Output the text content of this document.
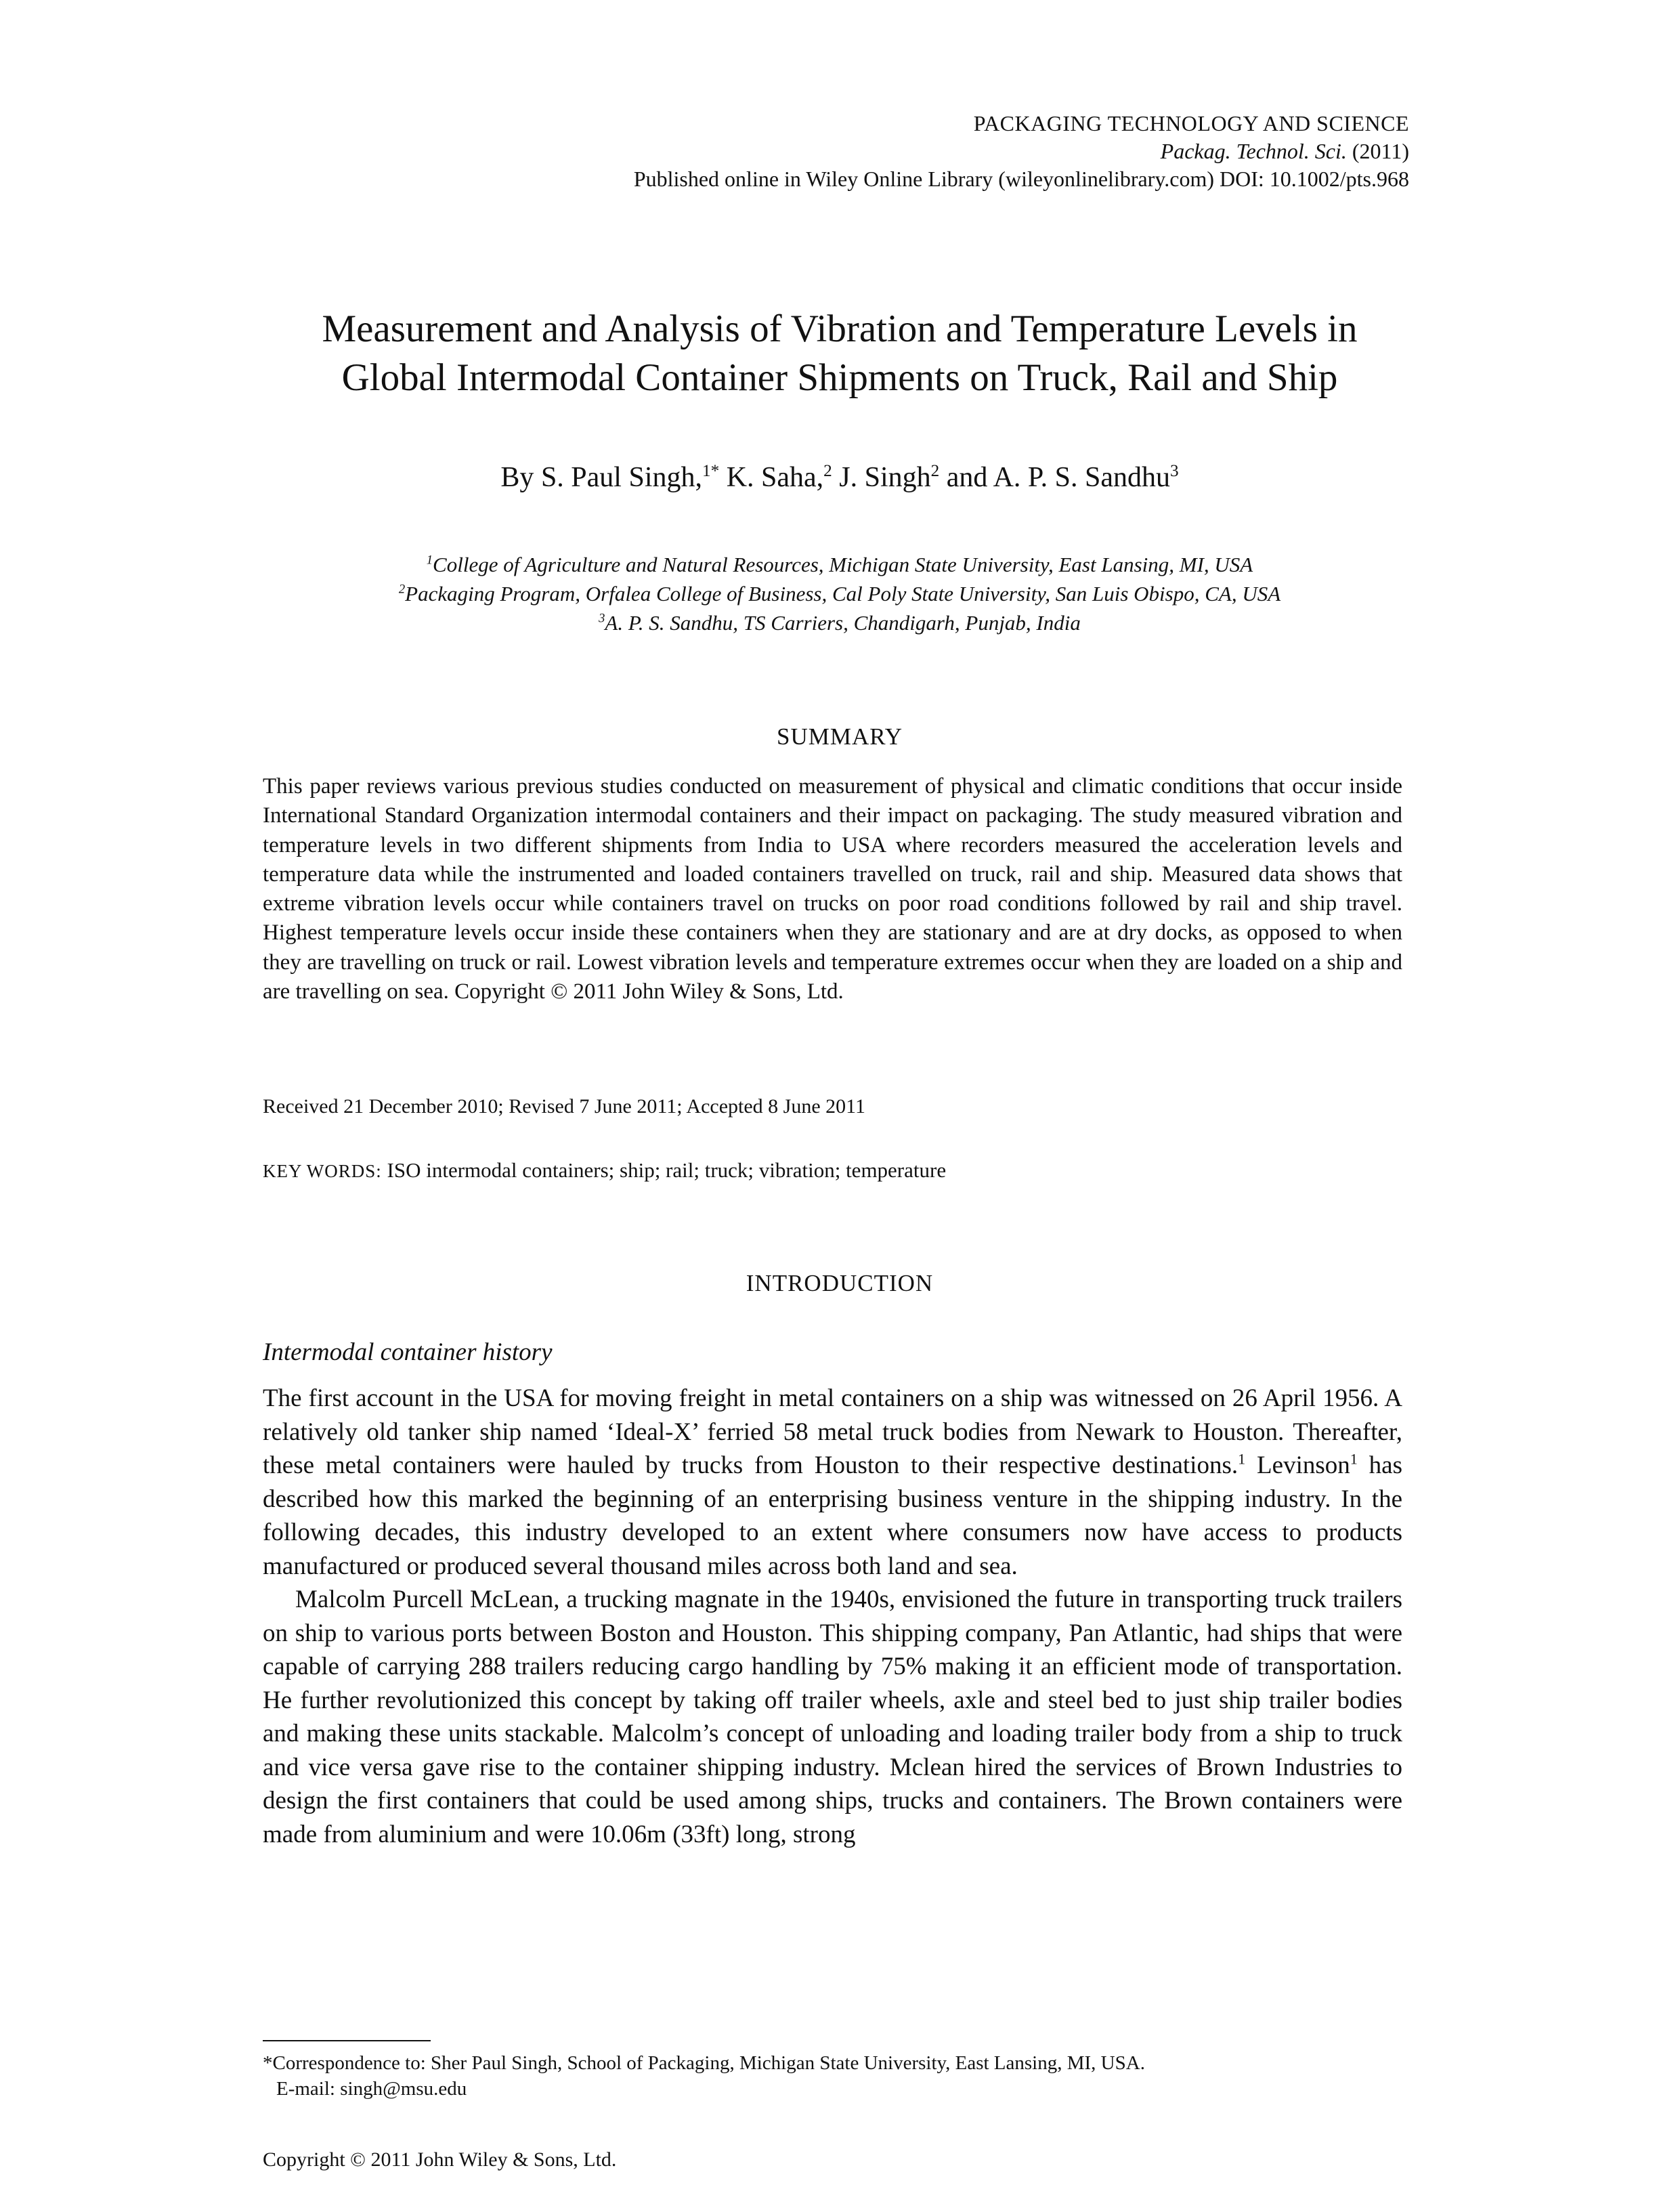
PACKAGING TECHNOLOGY AND SCIENCE
Packag. Technol. Sci. (2011)
Published online in Wiley Online Library (wileyonlinelibrary.com) DOI: 10.1002/pts.968
Measurement and Analysis of Vibration and Temperature Levels in
Global Intermodal Container Shipments on Truck, Rail and Ship
By S. Paul Singh,$^{1*}$ K. Saha,$^2$ J. Singh$^2$ and A. P. S. Sandhu$^3$
$^1$College of Agriculture and Natural Resources, Michigan State University, East Lansing, MI, USA
$^2$Packaging Program, Orfalea College of Business, Cal Poly State University, San Luis Obispo, CA, USA
$^3$A. P. S. Sandhu, TS Carriers, Chandigarh, Punjab, India
SUMMARY
This paper reviews various previous studies conducted on measurement of physical and climatic conditions that occur inside International Standard Organization intermodal containers and their impact on packaging. The study measured vibration and temperature levels in two different shipments from India to USA where recorders measured the acceleration levels and temperature data while the instrumented and loaded containers travelled on truck, rail and ship. Measured data shows that extreme vibration levels occur while containers travel on trucks on poor road conditions followed by rail and ship travel. Highest temperature levels occur inside these containers when they are stationary and are at dry docks, as opposed to when they are travelling on truck or rail. Lowest vibration levels and temperature extremes occur when they are loaded on a ship and are travelling on sea. Copyright © 2011 John Wiley & Sons, Ltd.
Received 21 December 2010; Revised 7 June 2011; Accepted 8 June 2011
KEY WORDS: ISO intermodal containers; ship; rail; truck; vibration; temperature
INTRODUCTION
Intermodal container history

The first account in the USA for moving freight in metal containers on a ship was witnessed on 26 April 1956. A relatively old tanker ship named ‘Ideal-X’ ferried 58 metal truck bodies from Newark to Houston. Thereafter, these metal containers were hauled by trucks from Houston to their respective destinations.$^1$ Levinson$^1$ has described how this marked the beginning of an enterprising business venture in the shipping industry. In the following decades, this industry developed to an extent where consumers now have access to products manufactured or produced several thousand miles across both land and sea.

Malcolm Purcell McLean, a trucking magnate in the 1940s, envisioned the future in transporting truck trailers on ship to various ports between Boston and Houston. This shipping company, Pan Atlantic, had ships that were capable of carrying 288 trailers reducing cargo handling by 75% making it an efficient mode of transportation. He further revolutionized this concept by taking off trailer wheels, axle and steel bed to just ship trailer bodies and making these units stackable. Malcolm’s concept of unloading and loading trailer body from a ship to truck and vice versa gave rise to the container shipping industry. Mclean hired the services of Brown Industries to design the first containers that could be used among ships, trucks and containers. The Brown containers were made from aluminium and were 10.06m (33ft) long, strong

*Correspondence to: Sher Paul Singh, School of Packaging, Michigan State University, East Lansing, MI, USA.
E-mail: singh@msu.edu
Copyright © 2011 John Wiley & Sons, Ltd.
